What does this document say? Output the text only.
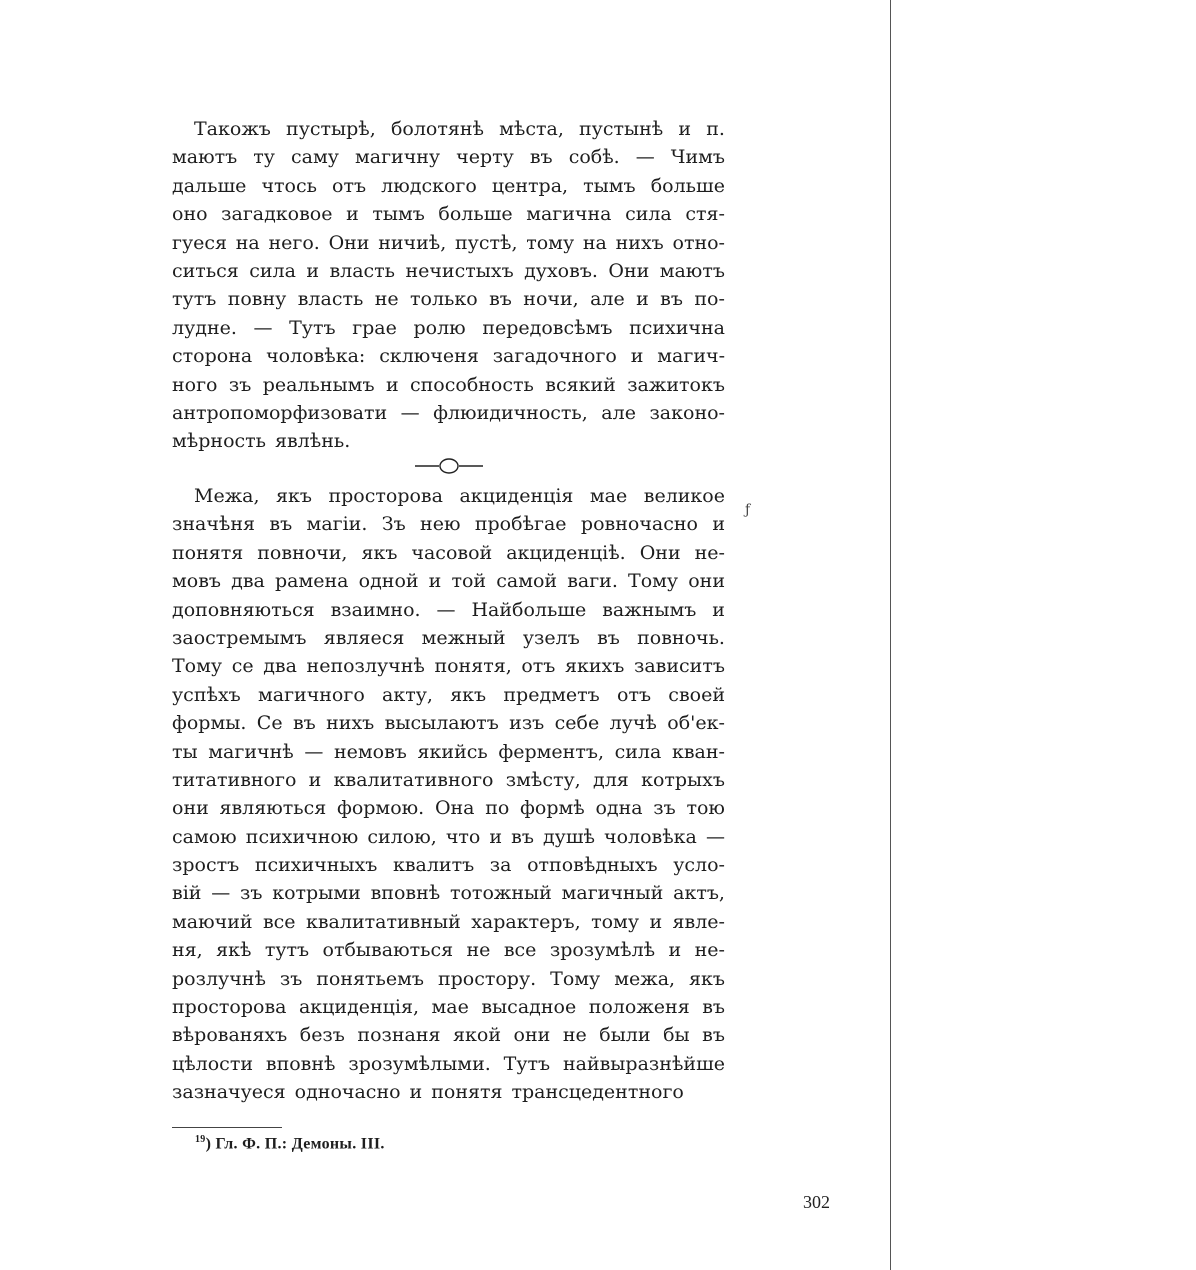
Такожъ пустырѣ, болотянѣ мѣста, пустынѣ и п.
маютъ ту саму магичну черту въ собѣ. — Чимъ
дальше чтось отъ людского центра, тымъ больше
оно загадковое и тымъ больше магична сила стя-
гуеся на него. Они ничиѣ, пустѣ, тому на нихъ отно-
ситься сила и власть нечистыхъ духовъ. Они маютъ
тутъ повну власть не только въ ночи, але и въ по-
лудне. — Тутъ грае ролю передовсѣмъ психична
сторона чоловѣка: сключеня загадочного и магич-
ного зъ реальнымъ и способность всякий зажитокъ
антропоморфизовати — флюидичность, але законо-
мѣрность явлѣнь.
Межа, якъ просторова акциденція мае великое
значѣня въ магіи. Зъ нею пробѣгае ровночасно и
понятя повночи, якъ часовой акциденціѣ. Они не-
мовъ два рамена одной и той самой ваги. Тому они
доповняються взаимно. — Найбольше важнымъ и
заостремымъ являеся межный узелъ въ повночь.
Тому се два непозлучнѣ понятя, отъ якихъ зависитъ
успѣхъ магичного акту, якъ предметъ отъ своей
формы. Се въ нихъ высылаютъ изъ себе лучѣ об'ек-
ты магичнѣ — немовъ якийсь ферментъ, сила кван-
титативного и квалитативного змѣсту, для котрыхъ
они являються формою. Она по формѣ одна зъ тою
самою психичною силою, что и въ душѣ чоловѣка —
зростъ психичныхъ квалитъ за отповѣдныхъ усло-
вій — зъ котрыми вповнѣ тотожный магичный актъ,
маючий все квалитативный характеръ, тому и явле-
ня, якѣ тутъ отбываються не все зрозумѣлѣ и не-
розлучнѣ зъ понятьемъ простору. Тому межа, якъ
просторова акциденція, мае высадное положеня въ
вѣрованяхъ безъ познаня якой они не были бы въ
цѣлости вповнѣ зрозумѣлыми. Тутъ найвыразнѣйше
зазначуеся одночасно и понятя трансцедентного
ƒ
$^{19}$) Гл. Ф. П.: Демоны. III.
302
